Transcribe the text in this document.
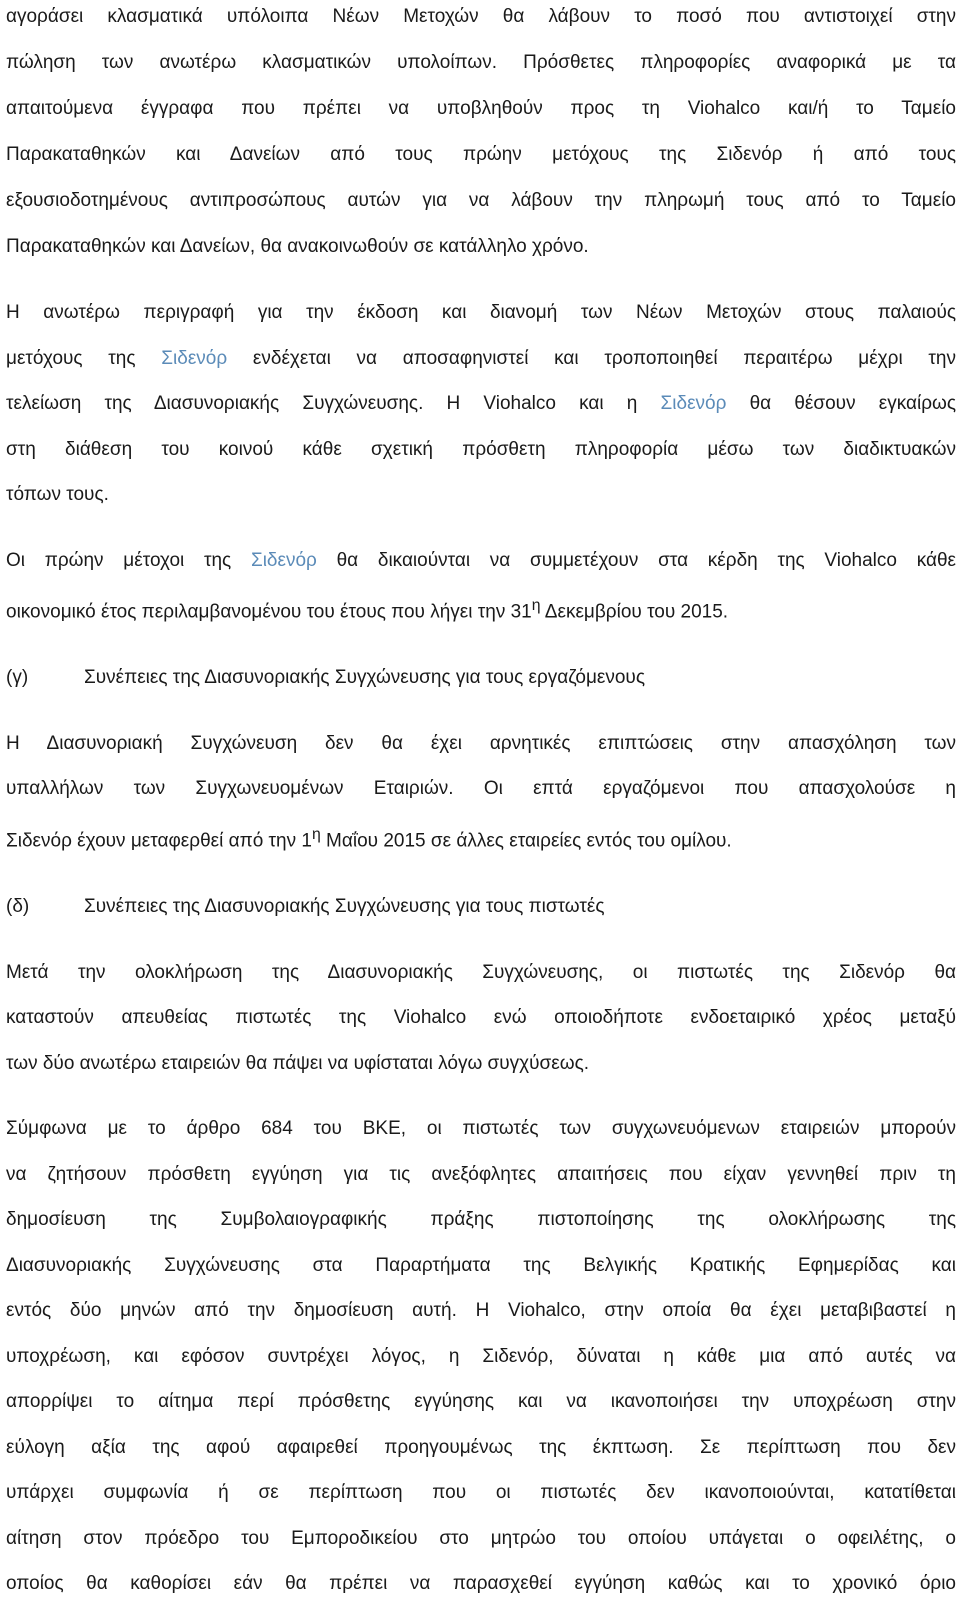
αγοράσει κλασματικά υπόλοιπα Νέων Μετοχών θα λάβουν το ποσό που αντιστοιχεί στην
πώληση των ανωτέρω κλασματικών υπολοίπων. Πρόσθετες πληροφορίες αναφορικά με τα
απαιτούμενα έγγραφα που πρέπει να υποβληθούν προς τη Viohalco και/ή το Ταμείο
Παρακαταθηκών και Δανείων από τους πρώην μετόχους της Σιδενόρ ή από τους
εξουσιοδοτημένους αντιπροσώπους αυτών για να λάβουν την πληρωμή τους από το Ταμείο
Παρακαταθηκών και Δανείων, θα ανακοινωθούν σε κατάλληλο χρόνο.
Η ανωτέρω περιγραφή για την έκδοση και διανομή των Νέων Μετοχών στους παλαιούς
μετόχους της Σιδενόρ ενδέχεται να αποσαφηνιστεί και τροποποιηθεί περαιτέρω μέχρι την
τελείωση της Διασυνοριακής Συγχώνευσης. Η Viohalco και η Σιδενόρ θα θέσουν εγκαίρως
στη διάθεση του κοινού κάθε σχετική πρόσθετη πληροφορία μέσω των διαδικτυακών
τόπων τους.
Οι πρώην μέτοχοι της Σιδενόρ θα δικαιούνται να συμμετέχουν στα κέρδη της Viohalco κάθε
οικονομικό έτος περιλαμβανομένου του έτους που λήγει την $31^\eta$ Δεκεμβρίου του 2015.
(γ)	Συνέπειες της Διασυνοριακής Συγχώνευσης για τους εργαζόμενους
Η Διασυνοριακή Συγχώνευση δεν θα έχει αρνητικές επιπτώσεις στην απασχόληση των
υπαλλήλων των Συγχωνευομένων Εταιριών. Οι επτά εργαζόμενοι που απασχολούσε η
Σιδενόρ έχουν μεταφερθεί από την $1^\eta$ Μαΐου 2015 σε άλλες εταιρείες εντός του ομίλου.
(δ)	Συνέπειες της Διασυνοριακής Συγχώνευσης για τους πιστωτές
Μετά την ολοκλήρωση της Διασυνοριακής Συγχώνευσης, οι πιστωτές της Σιδενόρ θα
καταστούν απευθείας πιστωτές της Viohalco ενώ οποιοδήποτε ενδοεταιρικό χρέος μεταξύ
των δύο ανωτέρω εταιρειών θα πάψει να υφίσταται λόγω συγχύσεως.
Σύμφωνα με το άρθρο 684 του ΒΚΕ, οι πιστωτές των συγχωνευόμενων εταιρειών μπορούν
να ζητήσουν πρόσθετη εγγύηση για τις ανεξόφλητες απαιτήσεις που είχαν γεννηθεί πριν τη
δημοσίευση της Συμβολαιογραφικής πράξης πιστοποίησης της ολοκλήρωσης της
Διασυνοριακής Συγχώνευσης στα Παραρτήματα της Βελγικής Κρατικής Εφημερίδας και
εντός δύο μηνών από την δημοσίευση αυτή. Η Viohalco, στην οποία θα έχει μεταβιβαστεί η
υποχρέωση, και εφόσον συντρέχει λόγος, η Σιδενόρ, δύναται η κάθε μια από αυτές να
απορρίψει το αίτημα περί πρόσθετης εγγύησης και να ικανοποιήσει την υποχρέωση στην
εύλογη αξία της αφού αφαιρεθεί προηγουμένως της έκπτωση. Σε περίπτωση που δεν
υπάρχει συμφωνία ή σε περίπτωση που οι πιστωτές δεν ικανοποιούνται, κατατίθεται
αίτηση στον πρόεδρο του Εμποροδικείου στο μητρώο του οποίου υπάγεται ο οφειλέτης, ο
οποίος θα καθορίσει εάν θα πρέπει να παρασχεθεί εγγύηση καθώς και το χρονικό όριο
